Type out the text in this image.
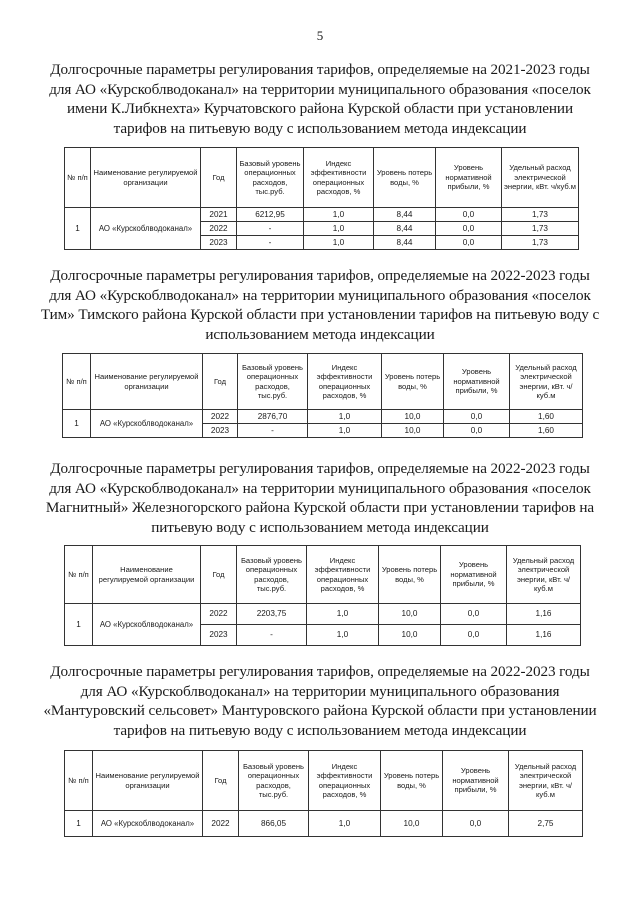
5

Долгосрочные параметры регулирования тарифов, определяемые на 2021-2023 годы для АО «Курскоблводоканал» на территории муниципального образования «поселок имени К.Либкнехта» Курчатовского района Курской области при установлении тарифов на питьевую воду с использованием метода индексации

№ п/п	Наименование регулируемой организации	Год	Базовый уровень операционных расходов, тыс.руб.	Индекс эффективности операционных расходов, %	Уровень потерь воды, %	Уровень нормативной прибыли, %	Удельный расход электрической энергии, кВт. ч/куб.м
1	АО «Курскоблводоканал»	2021	6212,95	1,0	8,44	0,0	1,73
		2022	-	1,0	8,44	0,0	1,73
		2023	-	1,0	8,44	0,0	1,73

Долгосрочные параметры регулирования тарифов, определяемые на 2022-2023 годы для АО «Курскоблводоканал» на территории муниципального образования «поселок Тим» Тимского района Курской области при установлении тарифов на питьевую воду с использованием метода индексации

№ п/п	Наименование регулируемой организации	Год	Базовый уровень операционных расходов, тыс.руб.	Индекс эффективности операционных расходов, %	Уровень потерь воды, %	Уровень нормативной прибыли, %	Удельный расход электрической энергии, кВт. ч/куб.м
1	АО «Курскоблводоканал»	2022	2876,70	1,0	10,0	0,0	1,60
		2023	-	1,0	10,0	0,0	1,60

Долгосрочные параметры регулирования тарифов, определяемые на 2022-2023 годы для АО «Курскоблводоканал» на территории муниципального образования «поселок Магнитный» Железногорского района Курской области при установлении тарифов на питьевую воду с использованием метода индексации

№ п/п	Наименование регулируемой организации	Год	Базовый уровень операционных расходов, тыс.руб.	Индекс эффективности операционных расходов, %	Уровень потерь воды, %	Уровень нормативной прибыли, %	Удельный расход электрической энергии, кВт. ч/куб.м
1	АО «Курскоблводоканал»	2022	2203,75	1,0	10,0	0,0	1,16
		2023	-	1,0	10,0	0,0	1,16

Долгосрочные параметры регулирования тарифов, определяемые на 2022-2023 годы для АО «Курскоблводоканал» на территории муниципального образования «Мантуровский сельсовет» Мантуровского района Курской области при установлении тарифов на питьевую воду с использованием метода индексации

№ п/п	Наименование регулируемой организации	Год	Базовый уровень операционных расходов, тыс.руб.	Индекс эффективности операционных расходов, %	Уровень потерь воды, %	Уровень нормативной прибыли, %	Удельный расход электрической энергии, кВт. ч/куб.м
1	АО «Курскоблводоканал»	2022	866,05	1,0	10,0	0,0	2,75
